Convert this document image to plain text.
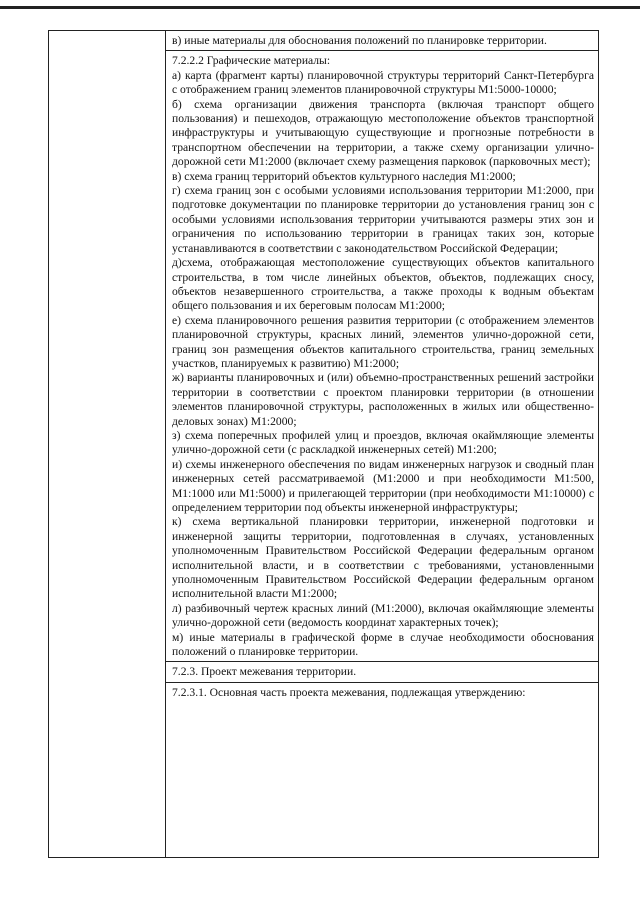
в) иные материалы для обоснования положений по планировке территории.

7.2.2.2 Графические материалы:

а) карта (фрагмент карты) планировочной структуры территорий Санкт-Петербурга с отображением границ элементов планировочной структуры М1:5000-10000;

б) схема организации движения транспорта (включая транспорт общего пользования) и пешеходов, отражающую местоположение объектов транспортной инфраструктуры и учитывающую существующие и прогнозные потребности в транспортном обеспечении на территории, а также схему организации улично-дорожной сети М1:2000 (включает схему размещения парковок (парковочных мест);

в) схема границ территорий объектов культурного наследия М1:2000;

г) схема границ зон с особыми условиями использования территории М1:2000, при подготовке документации по планировке территории до установления границ зон с особыми условиями использования территории учитываются размеры этих зон и ограничения по использованию территории в границах таких зон, которые устанавливаются в соответствии с законодательством Российской Федерации;

д)схема, отображающая местоположение существующих объектов капитального строительства, в том числе линейных объектов, объектов, подлежащих сносу, объектов незавершенного строительства, а также проходы к водным объектам общего пользования и их береговым полосам М1:2000;

е) схема планировочного решения развития территории (с отображением элементов планировочной структуры, красных линий, элементов улично-дорожной сети, границ зон размещения объектов капитального строительства, границ земельных участков, планируемых к развитию) М1:2000;

ж) варианты планировочных и (или) объемно-пространственных решений застройки территории в соответствии с проектом планировки территории (в отношении элементов планировочной структуры, расположенных в жилых или общественно-деловых зонах) М1:2000;

з) схема поперечных профилей улиц и проездов, включая окаймляющие элементы улично-дорожной сети (с раскладкой инженерных сетей) М1:200;

и) схемы инженерного обеспечения по видам инженерных нагрузок и сводный план инженерных сетей рассматриваемой (М1:2000 и при необходимости М1:500, М1:1000 или М1:5000) и прилегающей территории (при необходимости М1:10000) с определением территории под объекты инженерной инфраструктуры;

к) схема вертикальной планировки территории, инженерной подготовки и инженерной защиты территории, подготовленная в случаях, установленных уполномоченным Правительством Российской Федерации федеральным органом исполнительной власти, и в соответствии с требованиями, установленными уполномоченным Правительством Российской Федерации федеральным органом исполнительной власти М1:2000;

л) разбивочный чертеж красных линий (М1:2000), включая окаймляющие элементы улично-дорожной сети (ведомость координат характерных точек);

м) иные материалы в графической форме в случае необходимости обоснования положений о планировке территории.

7.2.3. Проект межевания территории.

7.2.3.1. Основная часть проекта межевания, подлежащая утверждению:
